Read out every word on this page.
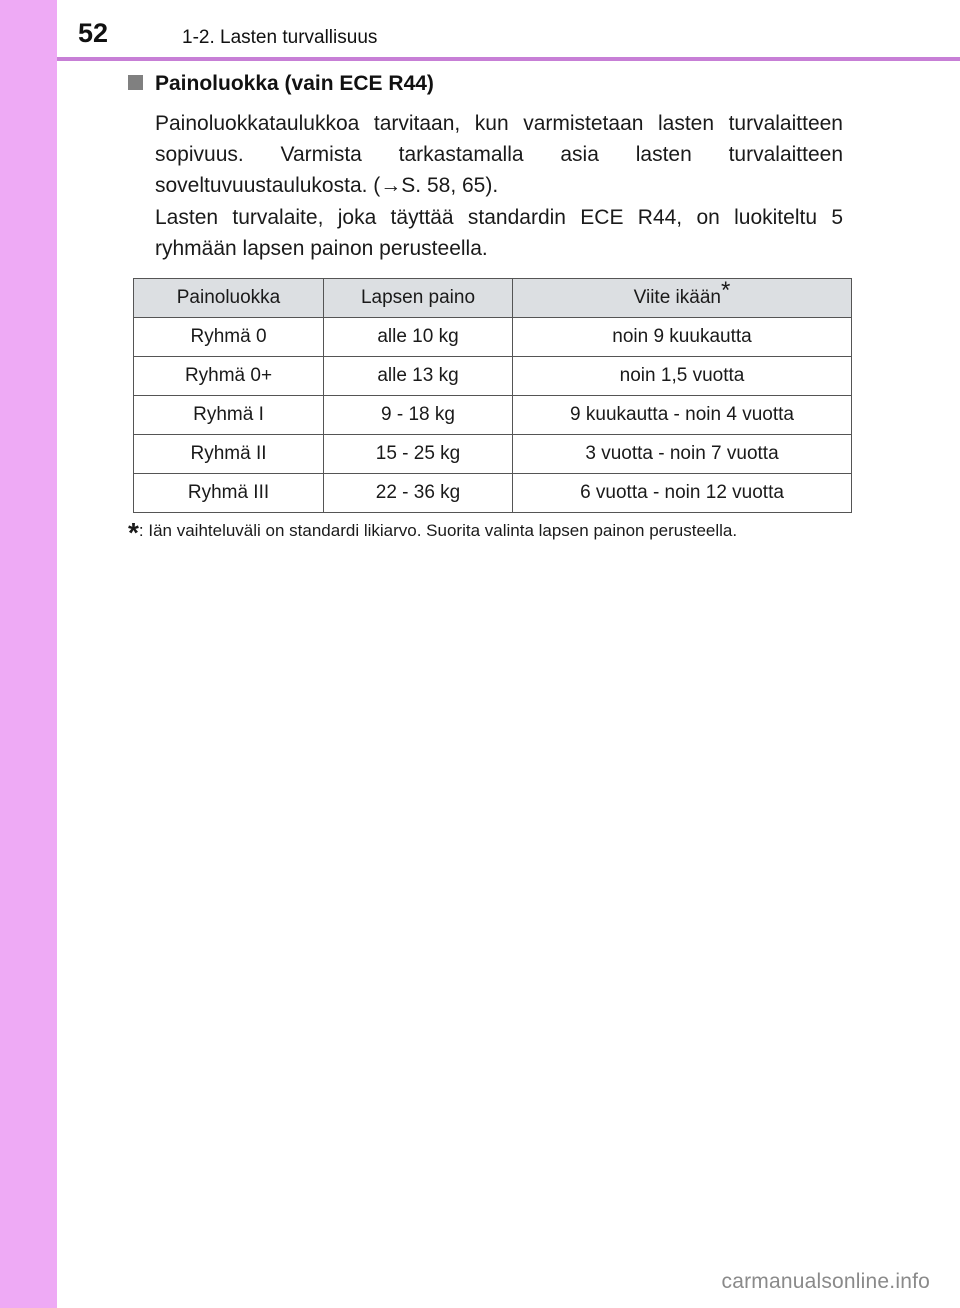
52	1-2. Lasten turvallisuus
Painoluokka (vain ECE R44)
Painoluokkataulukkoa tarvitaan, kun varmistetaan lasten turvalaitteen sopivuus. Varmista tarkastamalla asia lasten turvalaitteen soveltuvuustaulukosta. (→S. 58, 65).
Lasten turvalaite, joka täyttää standardin ECE R44, on luokiteltu 5 ryhmään lapsen painon perusteella.
Painoluokka	Lapsen paino	Viite ikään*
Ryhmä 0	alle 10 kg	noin 9 kuukautta
Ryhmä 0+	alle 13 kg	noin 1,5 vuotta
Ryhmä I	9 - 18 kg	9 kuukautta - noin 4 vuotta
Ryhmä II	15 - 25 kg	3 vuotta - noin 7 vuotta
Ryhmä III	22 - 36 kg	6 vuotta - noin 12 vuotta
*: Iän vaihteluväli on standardi likiarvo. Suorita valinta lapsen painon perusteella.
carmanualsonline.info
